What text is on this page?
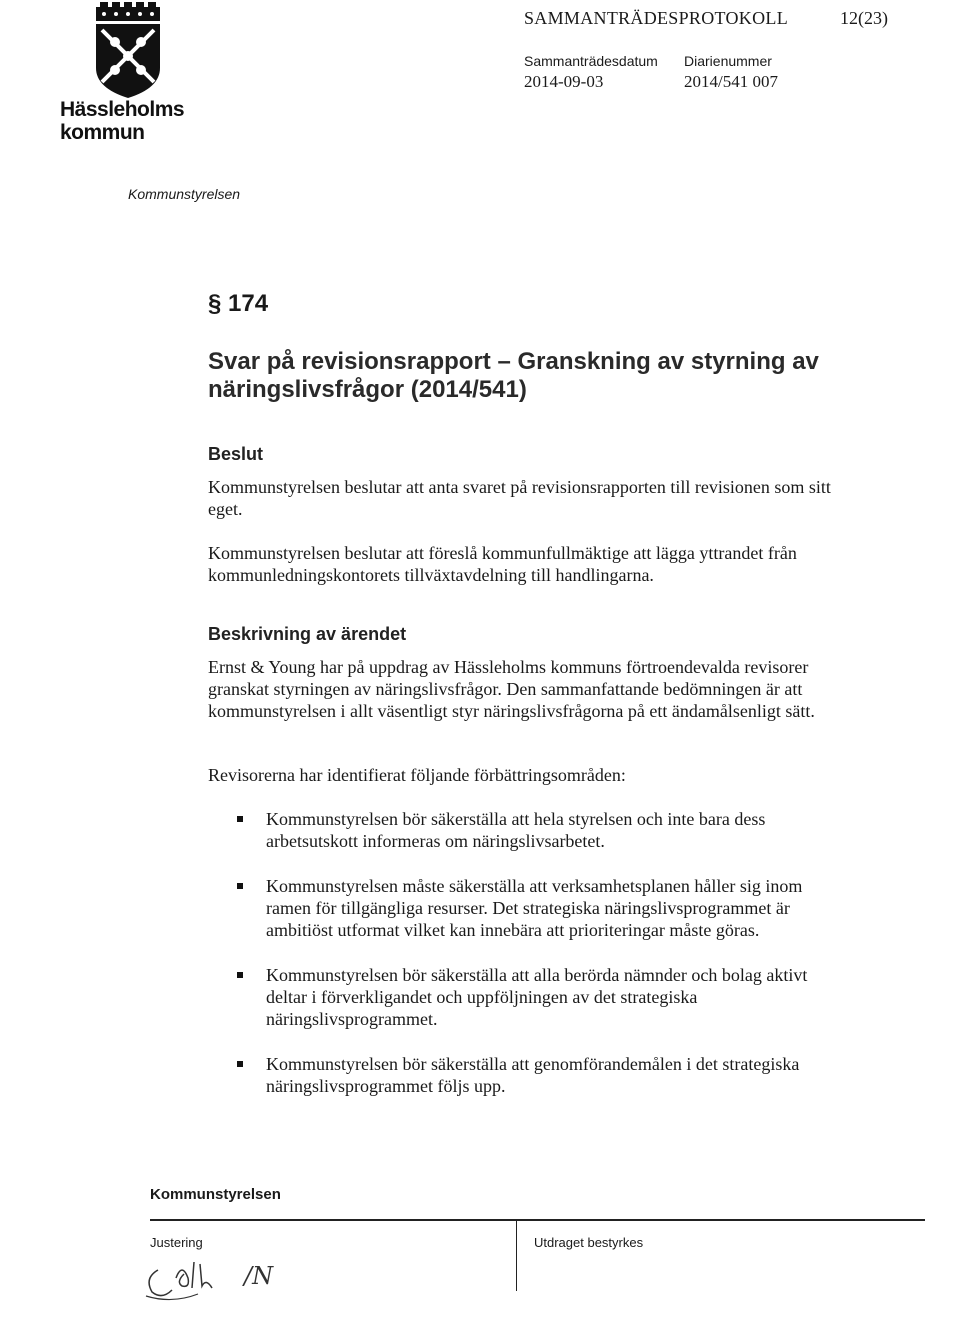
Hässleholms
kommun
SAMMANTRÄDESPROTOKOLL	12(23)
Sammanträdesdatum
2014-09-03
Diarienummer
2014/541 007
Kommunstyrelsen
§ 174
Svar på revisionsrapport – Granskning av styrning av näringslivsfrågor (2014/541)
Beslut
Kommunstyrelsen beslutar att anta svaret på revisionsrapporten till revisionen som sitt eget.
Kommunstyrelsen beslutar att föreslå kommunfullmäktige att lägga yttrandet från kommunledningskontorets tillväxtavdelning till handlingarna.
Beskrivning av ärendet
Ernst & Young har på uppdrag av Hässleholms kommuns förtroendevalda revisorer granskat styrningen av näringslivsfrågor. Den sammanfattande bedömningen är att kommunstyrelsen i allt väsentligt styr näringslivsfrågorna på ett ändamålsenligt sätt.
Revisorerna har identifierat följande förbättringsområden:
Kommunstyrelsen bör säkerställa att hela styrelsen och inte bara dess arbetsutskott informeras om näringslivsarbetet.
Kommunstyrelsen måste säkerställa att verksamhetsplanen håller sig inom ramen för tillgängliga resurser. Det strategiska näringslivsprogrammet är ambitiöst utformat vilket kan innebära att prioriteringar måste göras.
Kommunstyrelsen bör säkerställa att alla berörda nämnder och bolag aktivt deltar i förverkligandet och uppföljningen av det strategiska näringslivsprogrammet.
Kommunstyrelsen bör säkerställa att genomförandemålen i det strategiska näringslivsprogrammet följs upp.
Kommunstyrelsen
Justering	Utdraget bestyrkes
/N
